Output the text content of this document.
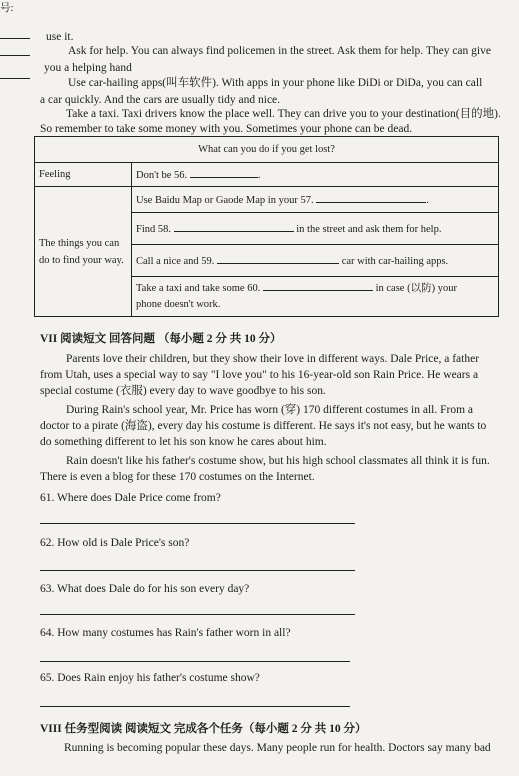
号:
use it.
Ask for help. You can always find policemen in the street. Ask them for help. They can give
you a helping hand
Use car-hailing apps(叫车软件). With apps in your phone like DiDi or DiDa, you can call
a car quickly. And the cars are usually tidy and nice.
Take a taxi. Taxi drivers know the place well. They can drive you to your destination(目的地).
So remember to take some money with you. Sometimes your phone can be dead.
What can you do if you get lost?	
Feeling	Don't be 56. .
The things you can do to find your way.	Use Baidu Map or Gaode Map in your 57. .
	Find 58. in the street and ask them for help.
	Call a nice and 59. car with car-hailing apps.
	Take a taxi and take some 60. in case (以防) your
phone doesn't work.
VII 阅读短文 回答问题 （每小题 2 分 共 10 分）
Parents love their children, but they show their love in different ways. Dale Price, a father
from Utah, uses a special way to say "I love you" to his 16-year-old son Rain Price. He wears a
special costume (衣服) every day to wave goodbye to his son.
During Rain's school year, Mr. Price has worn (穿) 170 different costumes in all. From a
doctor to a pirate (海盗), every day his costume is different. He says it's not easy, but he wants to
do something different to let his son know he cares about him.
Rain doesn't like his father's costume show, but his high school classmates all think it is fun.
There is even a blog for these 170 costumes on the Internet.
61. Where does Dale Price come from?
62. How old is Dale Price's son?
63. What does Dale do for his son every day?
64. How many costumes has Rain's father worn in all?
65. Does Rain enjoy his father's costume show?
VIII 任务型阅读 阅读短文 完成各个任务（每小题 2 分 共 10 分）
Running is becoming popular these days. Many people run for health. Doctors say many bad
